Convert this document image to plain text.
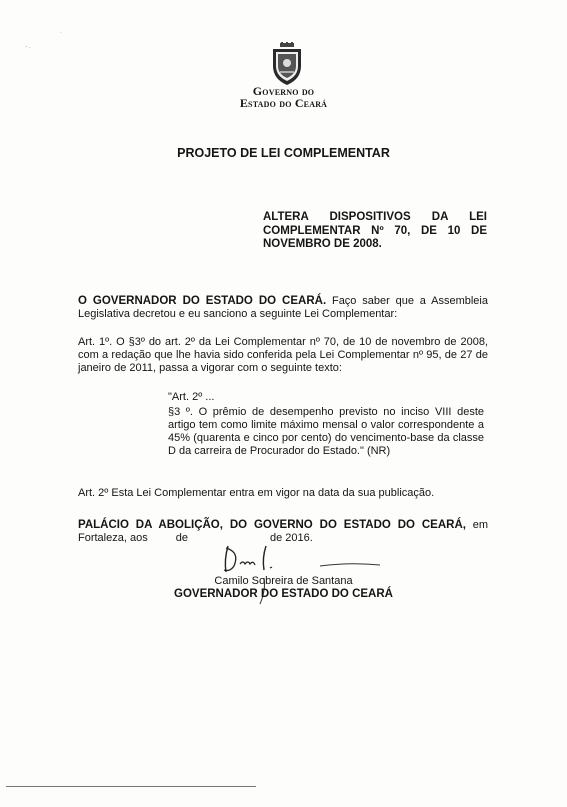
.
- .
Governo do
Estado do Ceará
PROJETO DE LEI COMPLEMENTAR
ALTERA DISPOSITIVOS DA LEI
COMPLEMENTAR Nº 70, DE 10 DE
NOVEMBRO DE 2008.
O GOVERNADOR DO ESTADO DO CEARÁ. Faço saber que a Assembleia Legislativa decretou e eu sanciono a seguinte Lei Complementar:
Art. 1º. O §3º do art. 2º da Lei Complementar nº 70, de 10 de novembro de 2008, com a redação que lhe havia sido conferida pela Lei Complementar nº 95, de 27 de janeiro de 2011, passa a vigorar com o seguinte texto:
"Art. 2º ...
§3 º. O prêmio de desempenho previsto no inciso VIII deste artigo tem como limite máximo mensal o valor correspondente a 45% (quarenta e cinco por cento) do vencimento-base da classe D da carreira de Procurador do Estado." (NR)
Art. 2º Esta Lei Complementar entra em vigor na data da sua publicação.
PALÁCIO DA ABOLIÇÃO, DO GOVERNO DO ESTADO DO CEARÁ, em
Fortaleza, aos	de	de 2016.
Camilo Sobreira de Santana
GOVERNADOR DO ESTADO DO CEARÁ
